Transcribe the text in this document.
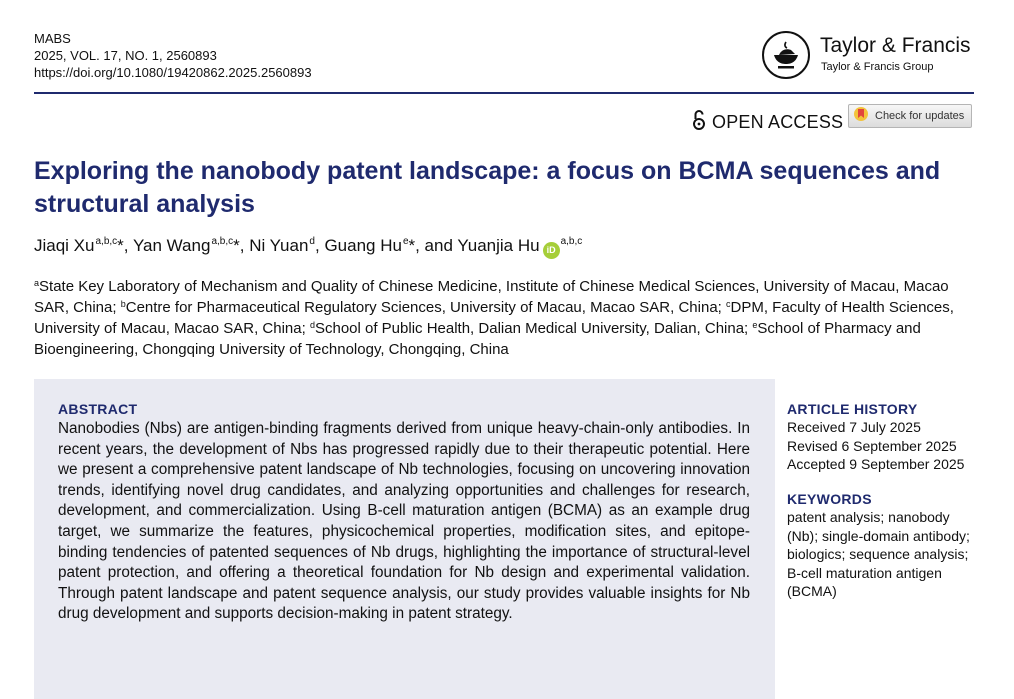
MABS
2025, VOL. 17, NO. 1, 2560893
https://doi.org/10.1080/19420862.2025.2560893
Taylor & Francis
Taylor & Francis Group
OPEN ACCESS	Check for updates
Exploring the nanobody patent landscape: a focus on BCMA sequences and structural analysis
Jiaqi Xu$^{a,b,c}$*, Yan Wang$^{a,b,c}$*, Ni Yuan$^d$, Guang Hu$^e$*, and Yuanjia Hu iD$^{a,b,c}$
$^a$State Key Laboratory of Mechanism and Quality of Chinese Medicine, Institute of Chinese Medical Sciences, University of Macau, Macao SAR, China; $^b$Centre for Pharmaceutical Regulatory Sciences, University of Macau, Macao SAR, China; $^c$DPM, Faculty of Health Sciences, University of Macau, Macao SAR, China; $^d$School of Public Health, Dalian Medical University, Dalian, China; $^e$School of Pharmacy and Bioengineering, Chongqing University of Technology, Chongqing, China
ABSTRACT

Nanobodies (Nbs) are antigen-binding fragments derived from unique heavy-chain-only antibodies. In recent years, the development of Nbs has progressed rapidly due to their therapeutic potential. Here we present a comprehensive patent landscape of Nb technologies, focusing on uncovering innovation trends, identifying novel drug candidates, and analyzing opportunities and challenges for research, development, and commercialization. Using B-cell maturation antigen (BCMA) as an example drug target, we summarize the features, physicochemical properties, modification sites, and epitope-binding tendencies of patented sequences of Nb drugs, highlighting the importance of structural-level patent protection, and offering a theoretical foundation for Nb design and experimental validation. Through patent landscape and patent sequence analysis, our study provides valuable insights for Nb drug development and supports decision-making in patent strategy.

ARTICLE HISTORY
Received 7 July 2025
Revised 6 September 2025
Accepted 9 September 2025
KEYWORDS
patent analysis; nanobody (Nb); single-domain antibody; biologics; sequence analysis; B-cell maturation antigen (BCMA)
